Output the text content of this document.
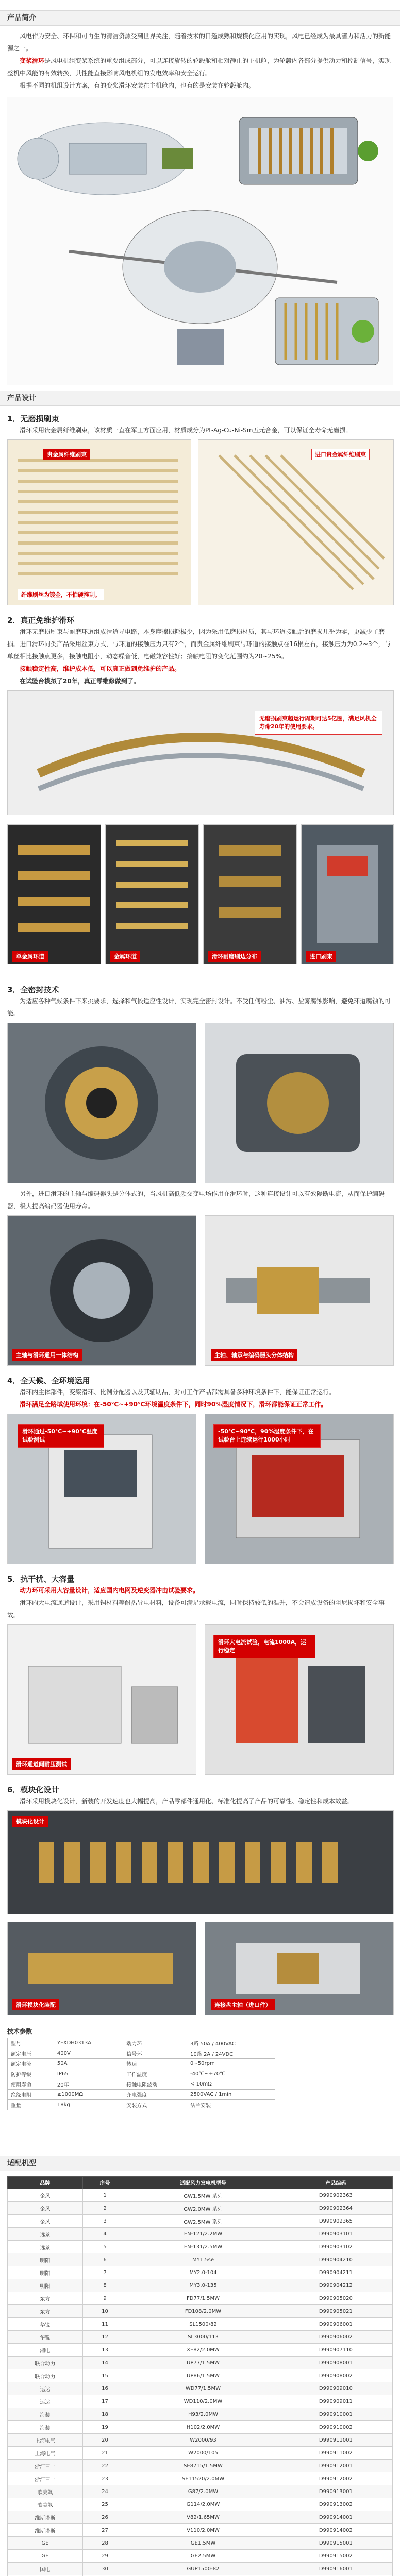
产品简介

风电作为安全、环保和可再生的清洁资源受到世界关注，随着技术的日趋成熟和规模化应用的实现，风电已经成为最具潜力和活力的新能源之一。

变桨滑环是风电机组变桨系统的重要组成部分，可以连接旋转的轮毂舱和相对静止的主机舱，为轮毂内各部分提供动力和控制信号，实现整机中风能的有效转换，其性能直接影响风电机组的发电效率和安全运行。

根据不同的机组设计方案，有的变桨滑环安装在主机舱内，也有的是安装在轮毂舱内。

产品设计
1．无磨损刷束

滑环采用贵金属纤维刷束，该材质一直在军工方面应用，材质成分为Pt-Ag-Cu-Ni-Sm五元合金，可以保证全寿命无磨损。

贵金属纤维刷束
纤维刷丝为镀金，不怕硬挫刮。
进口贵金属纤维刷束
2．真正免维护滑环

滑环无磨损刷束与耐磨环道组成滑道导电路，本身摩擦损耗极少，因为采用低磨损材质，其与环道接触后的磨损几乎为零，更减少了磨损。进口滑环同类产品采用丝束方式，与环道的接触压力只有2个，而贵金属纤维刷束与环道的接触点在16根左右，接触压力为0.2~3个，与单丝相比接触点更多，接触电阻小，动态噪音低，电磁兼容性好；接触电阻的变化范围约为20~25%。

接触稳定性高，维护成本低，可以真正做到免维护的产品。

在试验台模拟了20年，真正零维修做到了。

无磨损刷束超运行周期可达5亿圈，满足风机全寿命20年的使用要求。
单金属环道	金属环道	滑环耐磨刷边分布	进口刷束
3．全密封技术

为适应各种气候条件下来挑要求，选择和气候适应性设计，实现完全密封设计。不受任何粉尘、油污、盐雾腐蚀影响，避免环道腐蚀的可能。

另外，进口滑环的主轴与编码器头是分体式的，当风机高低频交变电场作用在滑环时，这种连接设计可以有效隔断电流，从而保护编码器，极大提高编码器使用寿命。

主轴与滑环通用一体结构	主轴、轴承与编码器头分体结构
4．全天候、全环境运用

滑环内主体部件，变桨滑环、比例分配器以及其辅助品，对可工作产品都需具备多种环境条件下，能保证正常运行。

滑环满足全路域使用环境：在-50℃~+90℃环境温度条件下，同时90%湿度情况下，滑环都能保证正常工作。

滑环通过-50℃~+90℃温度试验测试
-50℃~90℃，90%湿度条件下，在试验台上连续运行1000小时
5．抗干扰、大容量

动力环可采用大容量设计，适应国内电网及逆变器冲击试验要求。

滑环内大电流通道设计，采用铜材料等耐热导电材料，设备可满足承载电流，同时保持较低的温升，不会造成设备的阻尼损坏和安全事故。

滑环大电流试验，电流1000A，运行稳定
滑环通道间耐压测试
6．模块化设计

滑环采用模块化设计，新装的开发速度也大幅提高，产品零部件通用化、标准化提高了产品的可靠性、稳定性和成本效益。

模块化设计
滑环模块化装配	连接盘主轴（进口件）
技术参数
型号	YFXDH0313A	动力环	3路 50A / 400VAC
额定电压	400V	信号环	10路 2A / 24VDC
额定电流	50A	转速	0~50rpm
防护等级	IP65	工作温度	-40℃~+70℃
使用寿命	20年	接触电阻波动	< 10mΩ
绝缘电阻	≥1000MΩ	介电强度	2500VAC / 1min
重量	18kg	安装方式	法兰安装
适配机型
品牌	序号	适配风力发电机型号	产品编码
金风	1	GW1.5MW 系列	D990902363
金风	2	GW2.0MW 系列	D990902364
金风	3	GW2.5MW 系列	D990902365
远景	4	EN-121/2.2MW	D990903101
远景	5	EN-131/2.5MW	D990903102
明阳	6	MY1.5se	D990904210
明阳	7	MY2.0-104	D990904211
明阳	8	MY3.0-135	D990904212
东方	9	FD77/1.5MW	D990905020
东方	10	FD108/2.0MW	D990905021
华锐	11	SL1500/82	D990906001
华锐	12	SL3000/113	D990906002
湘电	13	XE82/2.0MW	D990907110
联合动力	14	UP77/1.5MW	D990908001
联合动力	15	UP86/1.5MW	D990908002
运达	16	WD77/1.5MW	D990909010
运达	17	WD110/2.0MW	D990909011
海装	18	H93/2.0MW	D990910001
海装	19	H102/2.0MW	D990910002
上海电气	20	W2000/93	D990911001
上海电气	21	W2000/105	D990911002
浙江三一	22	SE8715/1.5MW	D990912001
浙江三一	23	SE11520/2.0MW	D990912002
歌美飒	24	G87/2.0MW	D990913001
歌美飒	25	G114/2.0MW	D990913002
维斯塔斯	26	V82/1.65MW	D990914001
维斯塔斯	27	V110/2.0MW	D990914002
GE	28	GE1.5MW	D990915001
GE	29	GE2.5MW	D990915002
国电	30	GUP1500-82	D990916001
